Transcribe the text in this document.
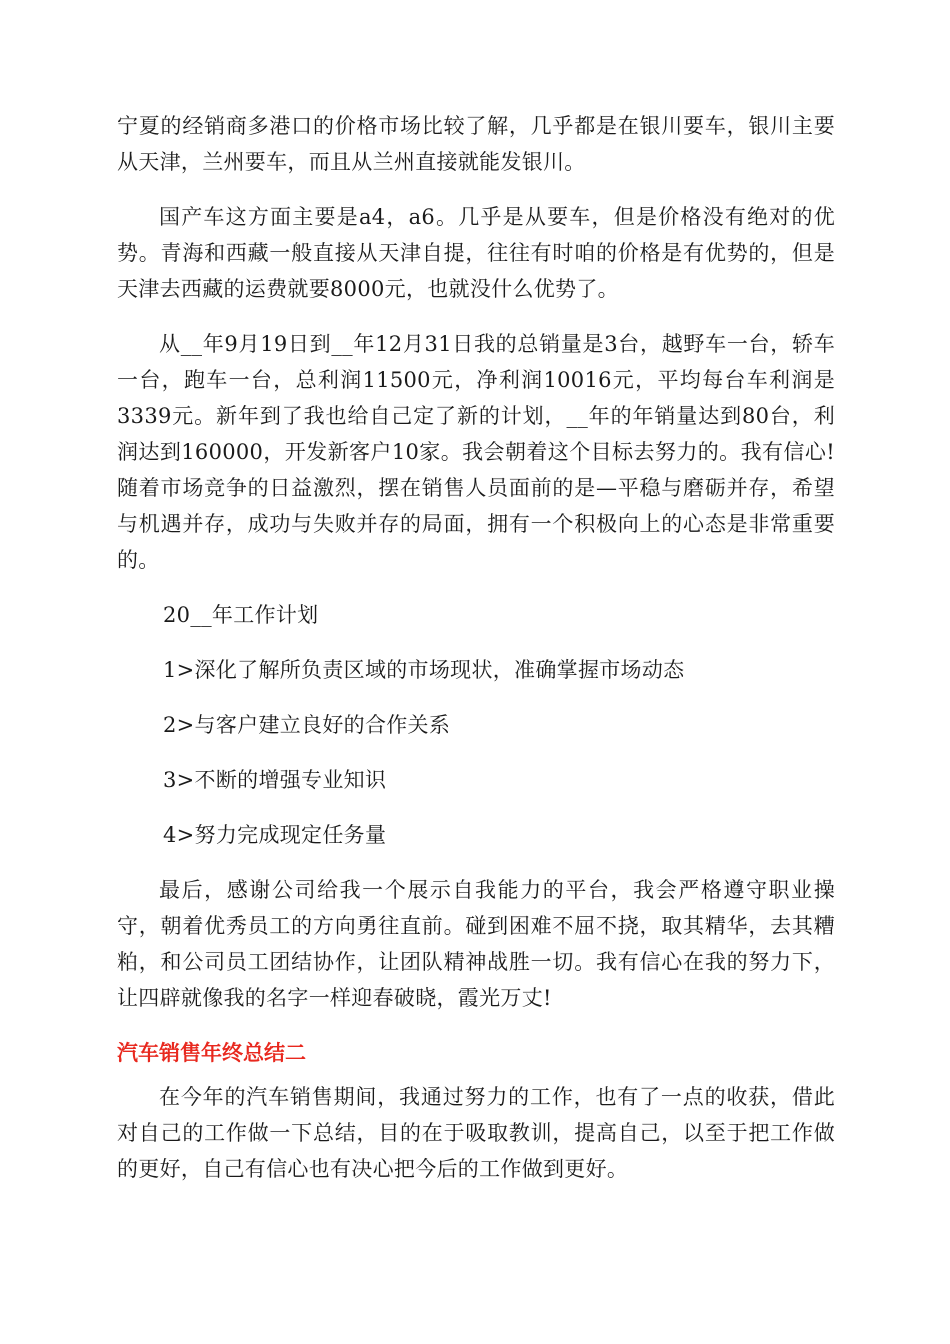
宁夏的经销商多港口的价格市场比较了解，几乎都是在银川要车，银川主要从天津，兰州要车，而且从兰州直接就能发银川。

国产车这方面主要是a4，a6。几乎是从要车，但是价格没有绝对的优势。青海和西藏一般直接从天津自提，往往有时咱的价格是有优势的，但是天津去西藏的运费就要8000元，也就没什么优势了。

从__年9月19日到__年12月31日我的总销量是3台，越野车一台，轿车一台，跑车一台，总利润11500元，净利润10016元，平均每台车利润是3339元。新年到了我也给自己定了新的计划，__年的年销量达到80台，利润达到160000，开发新客户10家。我会朝着这个目标去努力的。我有信心!随着市场竞争的日益激烈，摆在销售人员面前的是—平稳与磨砺并存，希望与机遇并存，成功与失败并存的局面，拥有一个积极向上的心态是非常重要的。

20__年工作计划

1>深化了解所负责区域的市场现状，准确掌握市场动态

2>与客户建立良好的合作关系

3>不断的增强专业知识

4>努力完成现定任务量

最后，感谢公司给我一个展示自我能力的平台，我会严格遵守职业操守，朝着优秀员工的方向勇往直前。碰到困难不屈不挠，取其精华，去其糟粕，和公司员工团结协作，让团队精神战胜一切。我有信心在我的努力下，让四辟就像我的名字一样迎春破晓，霞光万丈!

汽车销售年终总结二

在今年的汽车销售期间，我通过努力的工作，也有了一点的收获，借此对自己的工作做一下总结，目的在于吸取教训，提高自己，以至于把工作做的更好，自己有信心也有决心把今后的工作做到更好。
